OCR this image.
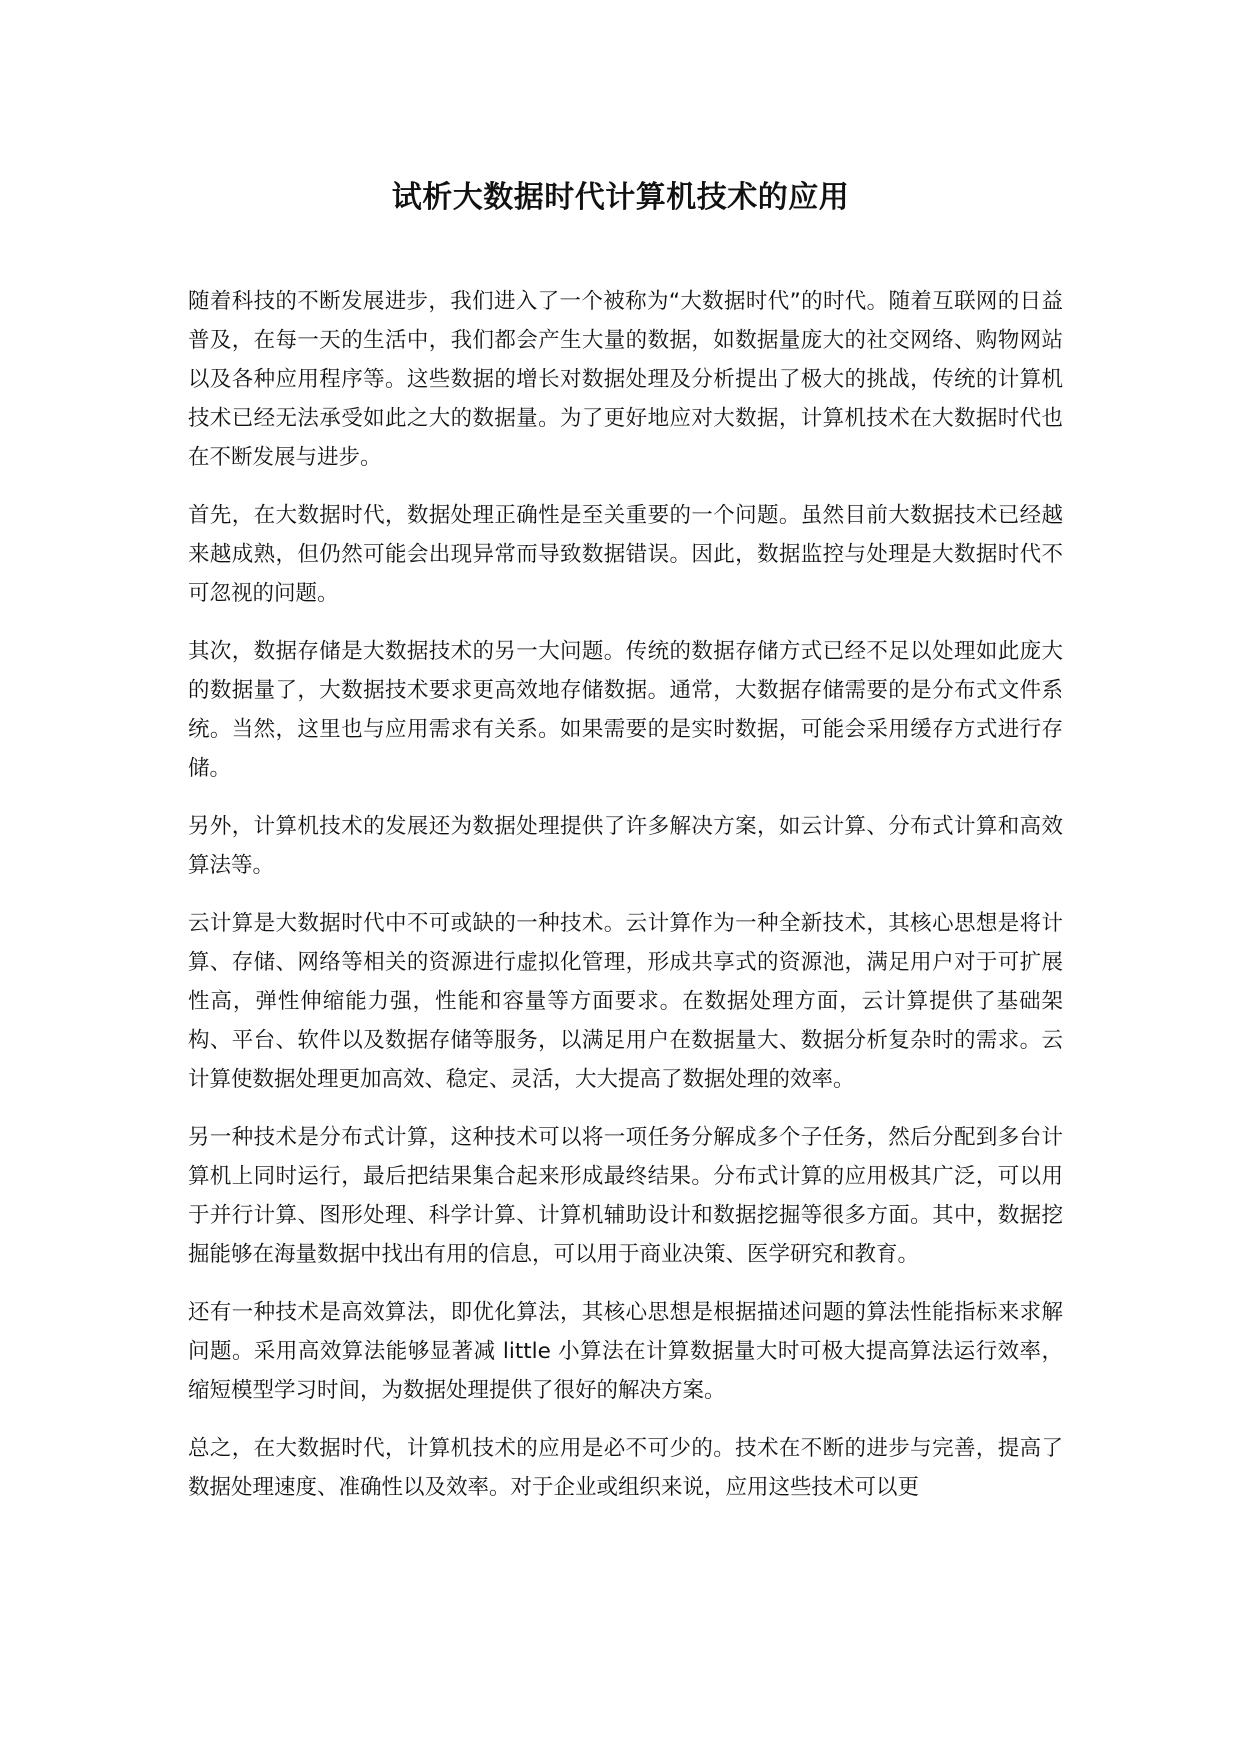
试析大数据时代计算机技术的应用

随着科技的不断发展进步，我们进入了一个被称为“大数据时代”的时代。随着互联网的日益普及，在每一天的生活中，我们都会产生大量的数据，如数据量庞大的社交网络、购物网站以及各种应用程序等。这些数据的增长对数据处理及分析提出了极大的挑战，传统的计算机技术已经无法承受如此之大的数据量。为了更好地应对大数据，计算机技术在大数据时代也在不断发展与进步。

首先，在大数据时代，数据处理正确性是至关重要的一个问题。虽然目前大数据技术已经越来越成熟，但仍然可能会出现异常而导致数据错误。因此，数据监控与处理是大数据时代不可忽视的问题。

其次，数据存储是大数据技术的另一大问题。传统的数据存储方式已经不足以处理如此庞大的数据量了，大数据技术要求更高效地存储数据。通常，大数据存储需要的是分布式文件系统。当然，这里也与应用需求有关系。如果需要的是实时数据，可能会采用缓存方式进行存储。

另外，计算机技术的发展还为数据处理提供了许多解决方案，如云计算、分布式计算和高效算法等。

云计算是大数据时代中不可或缺的一种技术。云计算作为一种全新技术，其核心思想是将计算、存储、网络等相关的资源进行虚拟化管理，形成共享式的资源池，满足用户对于可扩展性高，弹性伸缩能力强，性能和容量等方面要求。在数据处理方面，云计算提供了基础架构、平台、软件以及数据存储等服务，以满足用户在数据量大、数据分析复杂时的需求。云计算使数据处理更加高效、稳定、灵活，大大提高了数据处理的效率。

另一种技术是分布式计算，这种技术可以将一项任务分解成多个子任务，然后分配到多台计算机上同时运行，最后把结果集合起来形成最终结果。分布式计算的应用极其广泛，可以用于并行计算、图形处理、科学计算、计算机辅助设计和数据挖掘等很多方面。其中，数据挖掘能够在海量数据中找出有用的信息，可以用于商业决策、医学研究和教育。

还有一种技术是高效算法，即优化算法，其核心思想是根据描述问题的算法性能指标来求解问题。采用高效算法能够显著减 little 小算法在计算数据量大时可极大提高算法运行效率，缩短模型学习时间，为数据处理提供了很好的解决方案。

总之，在大数据时代，计算机技术的应用是必不可少的。技术在不断的进步与完善，提高了数据处理速度、准确性以及效率。对于企业或组织来说，应用这些技术可以更
